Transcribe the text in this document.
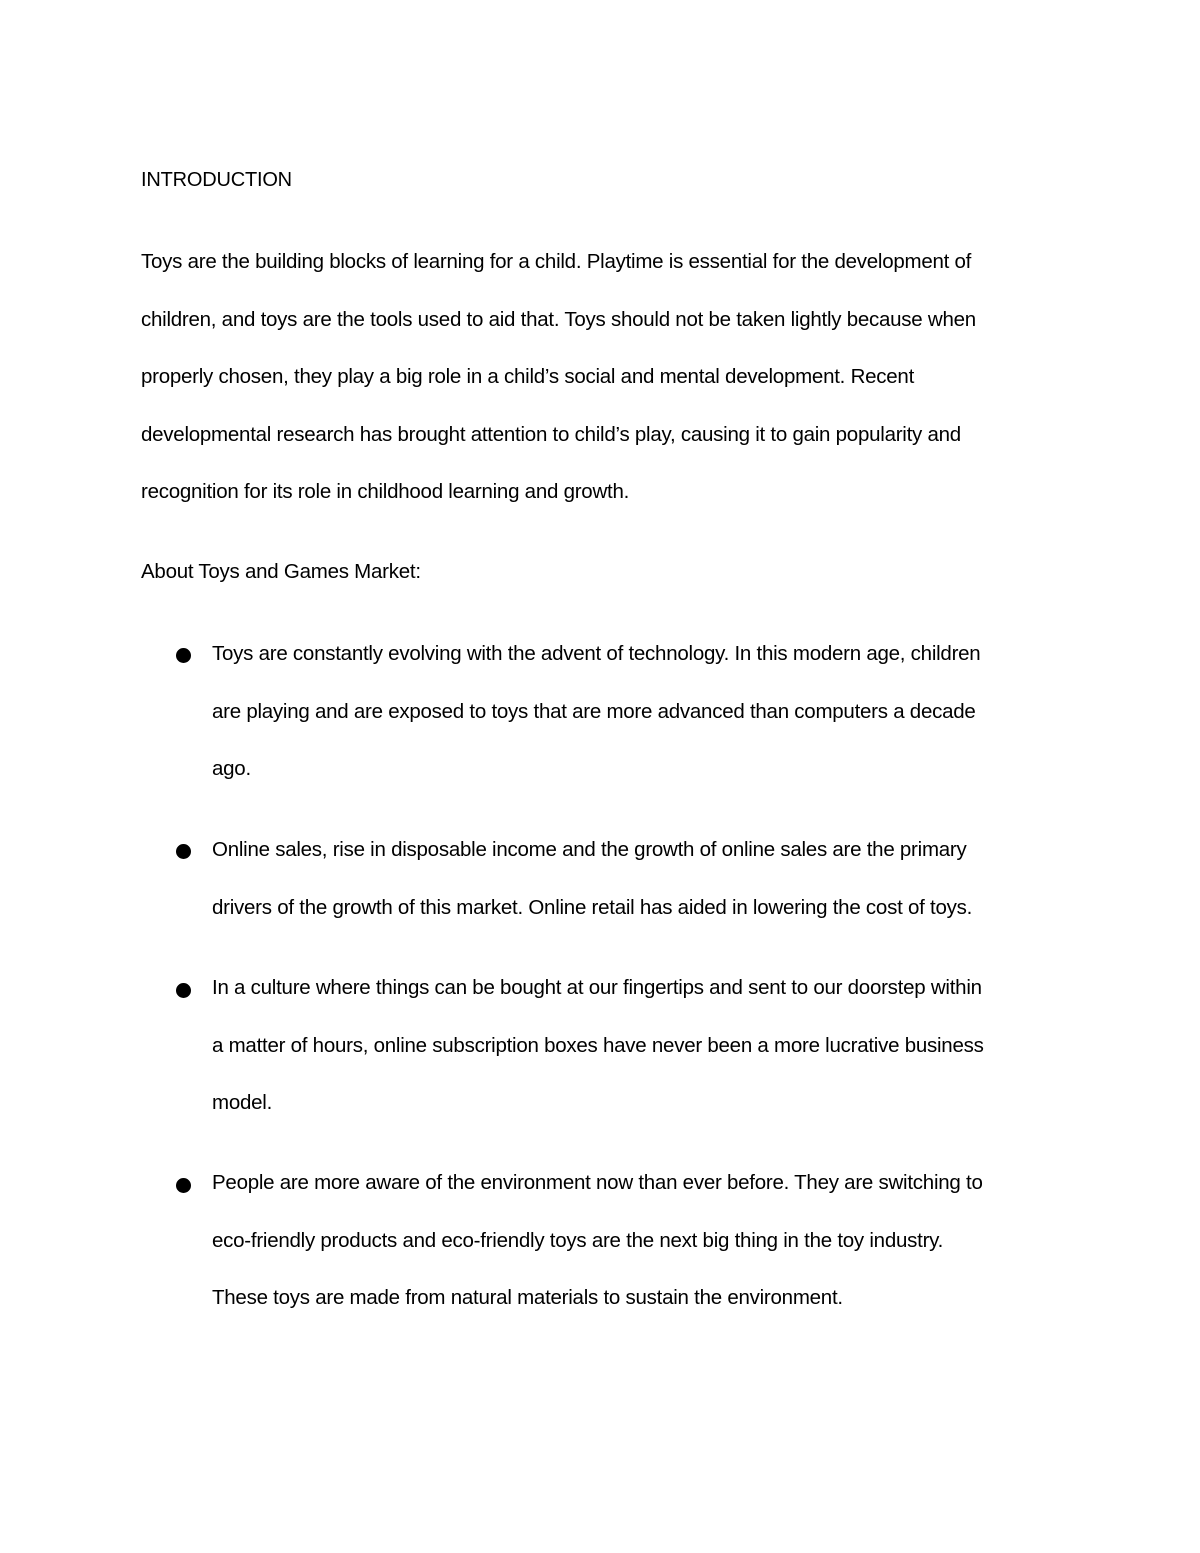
INTRODUCTION
Toys are the building blocks of learning for a child. Playtime is essential for the development of
children, and toys are the tools used to aid that. Toys should not be taken lightly because when
properly chosen, they play a big role in a child’s social and mental development. Recent
developmental research has brought attention to child’s play, causing it to gain popularity and
recognition for its role in childhood learning and growth.

About Toys and Games Market:

Toys are constantly evolving with the advent of technology. In this modern age, children
are playing and are exposed to toys that are more advanced than computers a decade
ago.
Online sales, rise in disposable income and the growth of online sales are the primary
drivers of the growth of this market. Online retail has aided in lowering the cost of toys.
In a culture where things can be bought at our fingertips and sent to our doorstep within
a matter of hours, online subscription boxes have never been a more lucrative business
model.
People are more aware of the environment now than ever before. They are switching to
eco-friendly products and eco-friendly toys are the next big thing in the toy industry.
These toys are made from natural materials to sustain the environment.
